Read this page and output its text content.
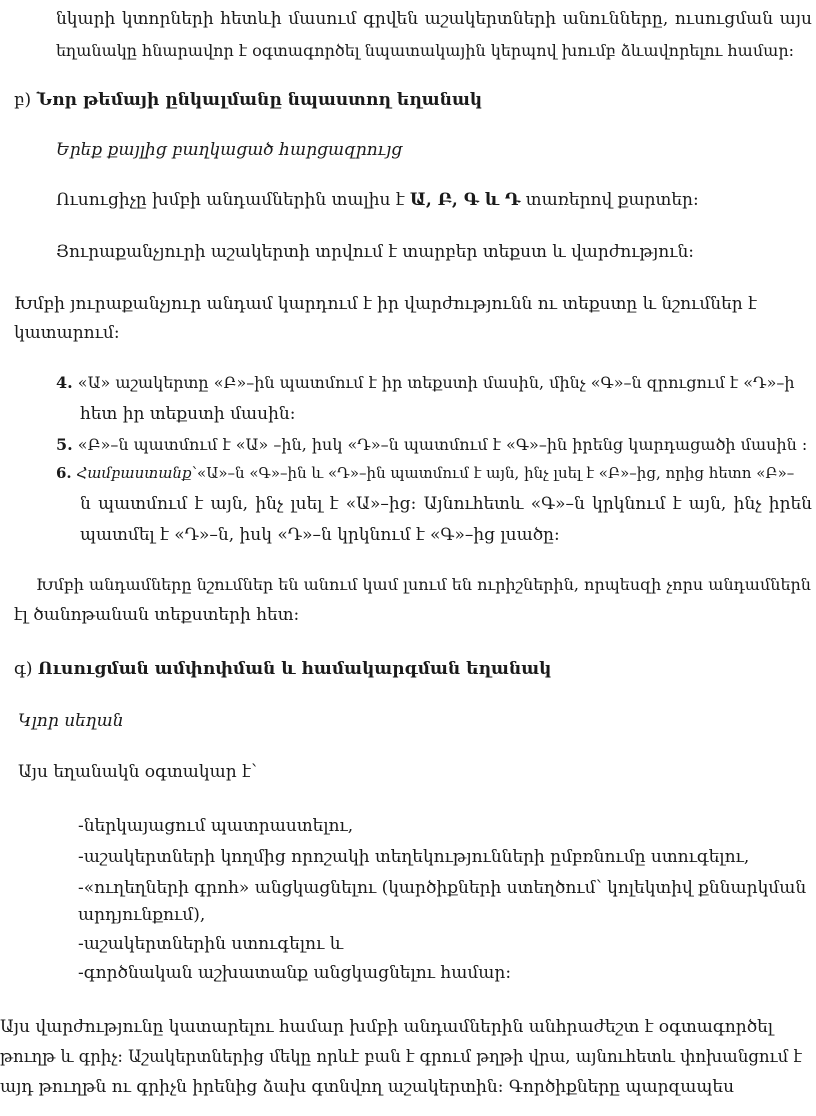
նկարի կտորների հետևի մասում գրվեն աշակերտների անունները, ուսուցման այս
եղանակը հնարավոր է օգտագործել նպատակային կերպով խումբ ձևավորելու համար:
բ) Նոր թեմայի ընկալմանը նպաստող եղանակ
Երեք քայլից բաղկացած հարցազրույց
Ուսուցիչը խմբի անդամներին տալիս է Ա, Բ, Գ և Դ տառերով քարտեր:
Յուրաքանչյուրի աշակերտի տրվում է տարբեր տեքստ և վարժություն:
Խմբի յուրաքանչյուր անդամ կարդում է իր վարժությունն ու տեքստը և նշումներ է
կատարում:
4. «Ա» աշակերտը «Բ»–ին պատմում է իր տեքստի մասին, մինչ «Գ»–ն զրուցում է «Դ»–ի
հետ իր տեքստի մասին:
5. «Բ»–ն պատմում է «Ա» –ին, իսկ «Դ»–ն պատմում է «Գ»–ին իրենց կարդացածի մասին :
6. Համբաստանք՝«Ա»–ն «Գ»–ին և «Դ»–ին պատմում է այն, ինչ լսել է «Բ»–ից, որից հետո «Բ»–
ն պատմում է այն, ինչ լսել է «Ա»–ից: Այնուհետև «Գ»–ն կրկնում է այն, ինչ իրեն
պատմել է «Դ»–ն, իսկ «Դ»–ն կրկնում է «Գ»–ից լսածը:
Խմբի անդամները նշումներ են անում կամ լսում են ուրիշներին, որպեսզի չորս անդամներն
էլ ծանոթանան տեքստերի հետ:
գ) Ուսուցման ամփոփման և համակարգման եղանակ
Կլոր սեղան
Այս եղանակն օգտակար է՝
-ներկայացում պատրաստելու,
-աշակերտների կողմից որոշակի տեղեկությունների ըմբռնումը ստուգելու,
-«ուղեղների գրոհ» անցկացնելու (կարծիքների ստեղծում՝ կոլեկտիվ քննարկման
արդյունքում),
-աշակերտներին ստուգելու և
-գործնական աշխատանք անցկացնելու համար:
Այս վարժությունը կատարելու համար խմբի անդամներին անհրաժեշտ է օգտագործել
թուղթ և գրիչ: Աշակերտներից մեկը որևէ բան է գրում թղթի վրա, այնուհետև փոխանցում է
այդ թուղթն ու գրիչն իրենից ձախ գտնվող աշակերտին: Գործիքները պարզապես
